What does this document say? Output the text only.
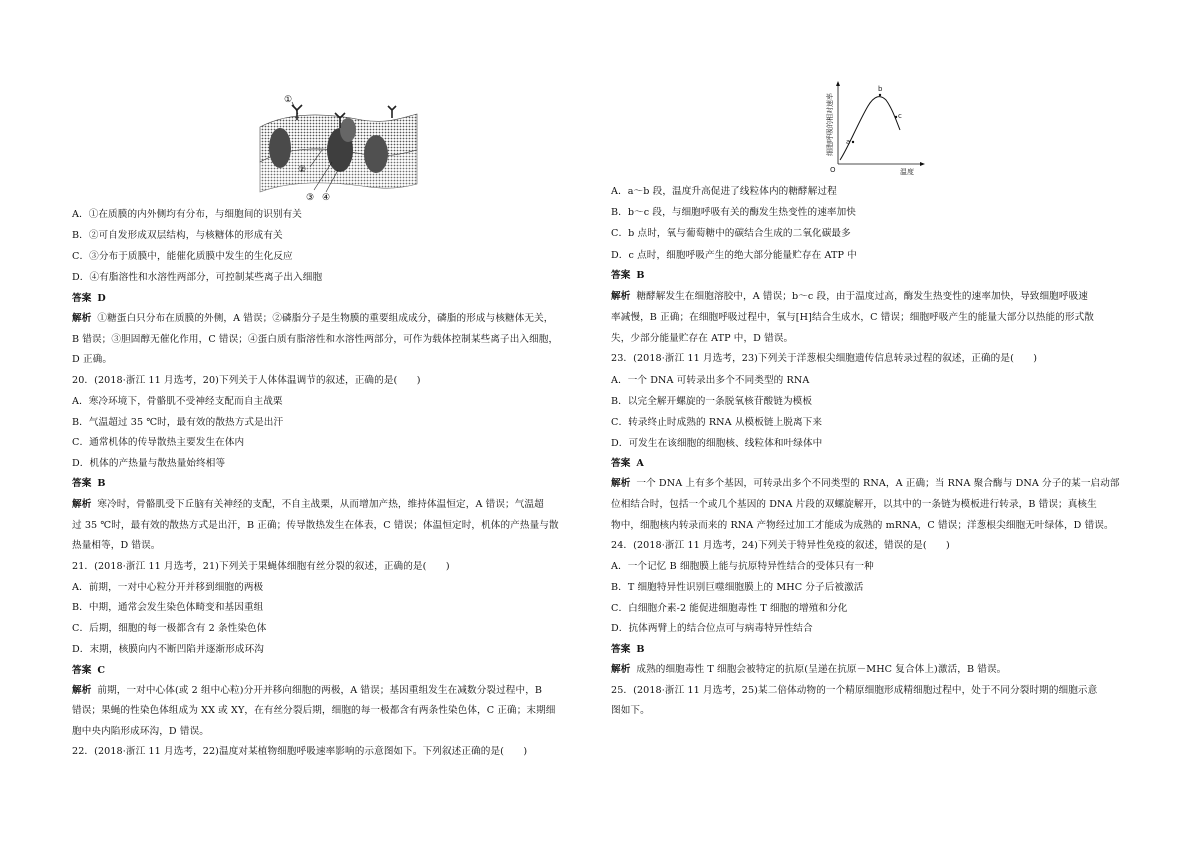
①
②
③ ④
a
b
c
O	温度
细胞呼吸的相对速率
A．①在质膜的内外侧均有分布，与细胞间的识别有关
B．②可自发形成双层结构，与核糖体的形成有关
C．③分布于质膜中，能催化质膜中发生的生化反应
D．④有脂溶性和水溶性两部分，可控制某些离子出入细胞
答案 D
解析 ①糖蛋白只分布在质膜的外侧，A 错误；②磷脂分子是生物膜的重要组成成分，磷脂的形成与核糖体无关，
B 错误；③胆固醇无催化作用，C 错误；④蛋白质有脂溶性和水溶性两部分，可作为载体控制某些离子出入细胞，
D 正确。
20．(2018·浙江 11 月选考，20)下列关于人体体温调节的叙述，正确的是(　　)
A．寒冷环境下，骨骼肌不受神经支配而自主战栗
B．气温超过 35 ℃时，最有效的散热方式是出汗
C．通常机体的传导散热主要发生在体内
D．机体的产热量与散热量始终相等
答案 B
解析 寒冷时，骨骼肌受下丘脑有关神经的支配，不自主战栗，从而增加产热，维持体温恒定，A 错误；气温超
过 35 ℃时，最有效的散热方式是出汗，B 正确；传导散热发生在体表，C 错误；体温恒定时，机体的产热量与散
热量相等，D 错误。
21．(2018·浙江 11 月选考，21)下列关于果蝇体细胞有丝分裂的叙述，正确的是(　　)
A．前期，一对中心粒分开并移到细胞的两极
B．中期，通常会发生染色体畸变和基因重组
C．后期，细胞的每一极都含有 2 条性染色体
D．末期，核膜向内不断凹陷并逐渐形成环沟
答案 C
解析 前期，一对中心体(或 2 组中心粒)分开并移向细胞的两极，A 错误；基因重组发生在减数分裂过程中，B
错误；果蝇的性染色体组成为 XX 或 XY，在有丝分裂后期，细胞的每一极都含有两条性染色体，C 正确；末期细
胞中央内陷形成环沟，D 错误。
22．(2018·浙江 11 月选考，22)温度对某植物细胞呼吸速率影响的示意图如下。下列叙述正确的是(　　)
A．a～b 段，温度升高促进了线粒体内的糖酵解过程
B．b～c 段，与细胞呼吸有关的酶发生热变性的速率加快
C．b 点时，氧与葡萄糖中的碳结合生成的二氧化碳最多
D．c 点时，细胞呼吸产生的绝大部分能量贮存在 ATP 中
答案 B
解析 糖酵解发生在细胞溶胶中，A 错误；b～c 段，由于温度过高，酶发生热变性的速率加快，导致细胞呼吸速
率减慢，B 正确；在细胞呼吸过程中，氧与[H]结合生成水，C 错误；细胞呼吸产生的能量大部分以热能的形式散
失，少部分能量贮存在 ATP 中，D 错误。
23．(2018·浙江 11 月选考，23)下列关于洋葱根尖细胞遗传信息转录过程的叙述，正确的是(　　)
A．一个 DNA 可转录出多个不同类型的 RNA
B．以完全解开螺旋的一条脱氧核苷酸链为模板
C．转录终止时成熟的 RNA 从模板链上脱离下来
D．可发生在该细胞的细胞核、线粒体和叶绿体中
答案 A
解析 一个 DNA 上有多个基因，可转录出多个不同类型的 RNA，A 正确；当 RNA 聚合酶与 DNA 分子的某一启动部
位相结合时，包括一个或几个基因的 DNA 片段的双螺旋解开，以其中的一条链为模板进行转录，B 错误；真核生
物中，细胞核内转录而来的 RNA 产物经过加工才能成为成熟的 mRNA，C 错误；洋葱根尖细胞无叶绿体，D 错误。
24．(2018·浙江 11 月选考，24)下列关于特异性免疫的叙述，错误的是(　　)
A．一个记忆 B 细胞膜上能与抗原特异性结合的受体只有一种
B．T 细胞特异性识别巨噬细胞膜上的 MHC 分子后被激活
C．白细胞介素-2 能促进细胞毒性 T 细胞的增殖和分化
D．抗体两臂上的结合位点可与病毒特异性结合
答案 B
解析 成熟的细胞毒性 T 细胞会被特定的抗原(呈递在抗原－MHC 复合体上)激活，B 错误。
25．(2018·浙江 11 月选考，25)某二倍体动物的一个精原细胞形成精细胞过程中，处于不同分裂时期的细胞示意
图如下。
